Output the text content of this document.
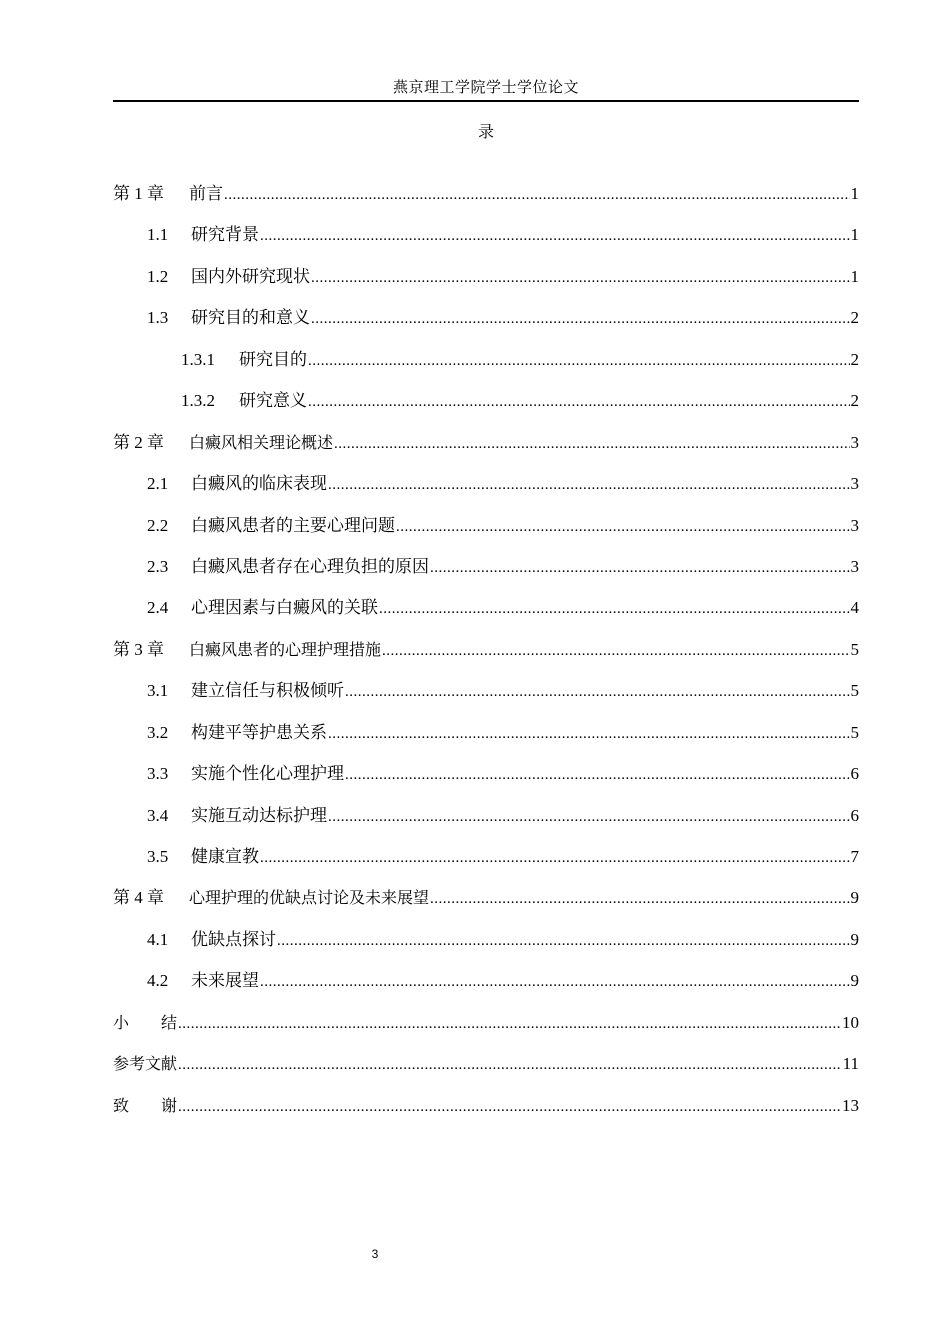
燕京理工学院学士学位论文
录
第 1 章	前言 .....	1
1.1	研究背景 .....	1
1.2	国内外研究现状 .....	1
1.3	研究目的和意义 .....	2
1.3.1	研究目的 .....	2
1.3.2	研究意义 .....	2
第 2 章	白癜风相关理论概述 .....	3
2.1	白癜风的临床表现 .....	3
2.2	白癜风患者的主要心理问题 .....	3
2.3	白癜风患者存在心理负担的原因 .....	3
2.4	心理因素与白癜风的关联 .....	4
第 3 章	白癜风患者的心理护理措施 .....	5
3.1	建立信任与积极倾听 .....	5
3.2	构建平等护患关系 .....	5
3.3	实施个性化心理护理 .....	6
3.4	实施互动达标护理 .....	6
3.5	健康宣教 .....	7
第 4 章	心理护理的优缺点讨论及未来展望 .....	9
4.1	优缺点探讨 .....	9
4.2	未来展望 .....	9
小　　结 .....	10
参考文献 .....	11
致　　谢 .....	13
3
